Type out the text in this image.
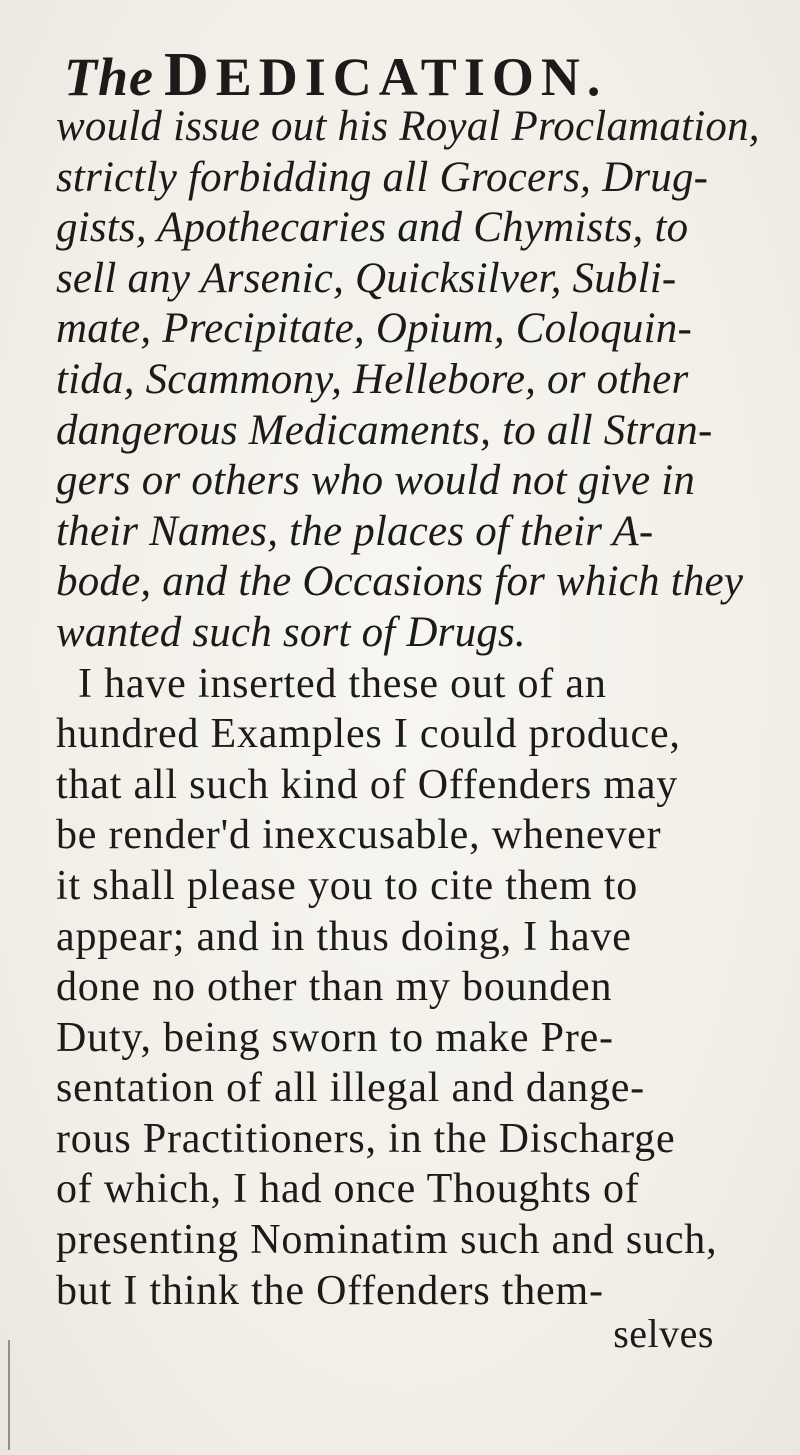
The DEDICATION.
would issue out his Royal Proclamation,
strictly forbidding all Grocers, Drug-
gists, Apothecaries and Chymists, to
sell any Arsenic, Quicksilver, Subli-
mate, Precipitate, Opium, Coloquin-
tida, Scammony, Hellebore, or other
dangerous Medicaments, to all Stran-
gers or others who would not give in
their Names, the places of their A-
bode, and the Occasions for which they
wanted such sort of Drugs.
I have inserted these out of an
hundred Examples I could produce,
that all such kind of Offenders may
be render'd inexcusable, whenever
it shall please you to cite them to
appear; and in thus doing, I have
done no other than my bounden
Duty, being sworn to make Pre-
sentation of all illegal and dange-
rous Practitioners, in the Discharge
of which, I had once Thoughts of
presenting Nominatim such and such,
but I think the Offenders them-
selves
